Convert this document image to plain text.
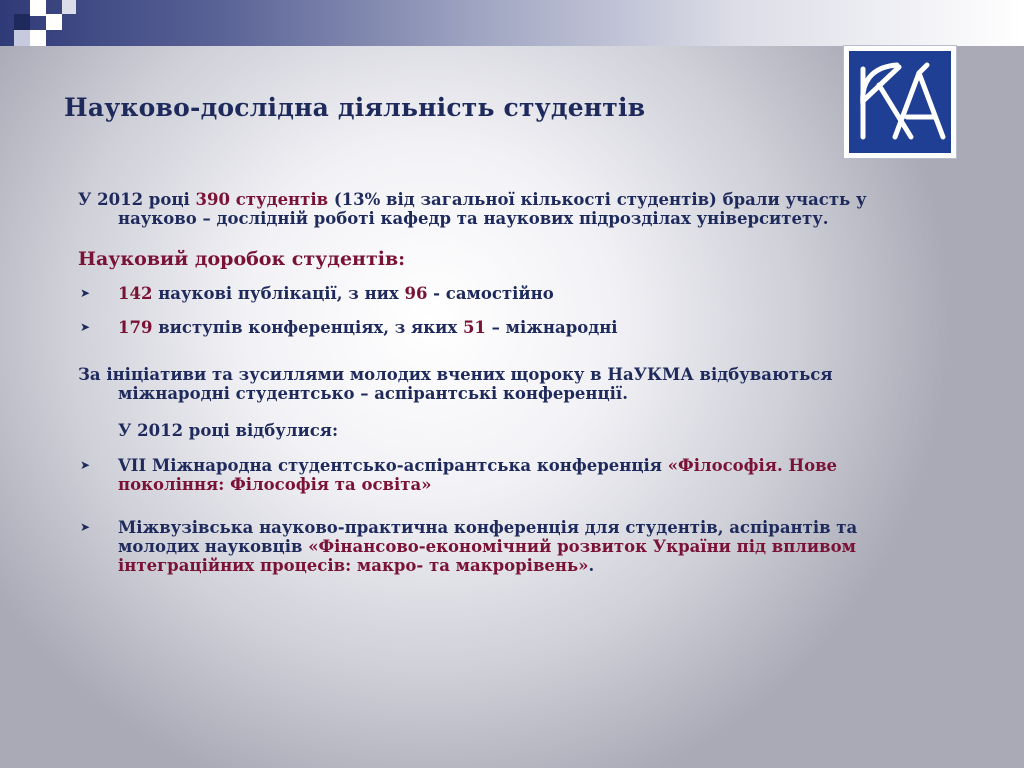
Науково-дослідна діяльність студентів

У 2012 році 390 студентів (13% від загальної кількості студентів) брали участь у науково – дослідній роботі кафедр та наукових підрозділах університету.

Науковий доробок студентів:

➤ 142 наукові публікації, з них 96 - самостійно

➤ 179 виступів конференціях, з яких 51 – міжнародні

За ініціативи та зусиллями молодих вчених щороку в НаУКМА відбуваються міжнародні студентсько – аспірантські конференції.

У 2012 році відбулися:

➤ VII Міжнародна студентсько-аспірантська конференція «Філософія. Нове покоління: Філософія та освіта»

➤ Міжвузівська науково-практична конференція для студентів, аспірантів та молодих науковців «Фінансово-економічний розвиток України під впливом інтеграційних процесів: макро- та макрорівень».
